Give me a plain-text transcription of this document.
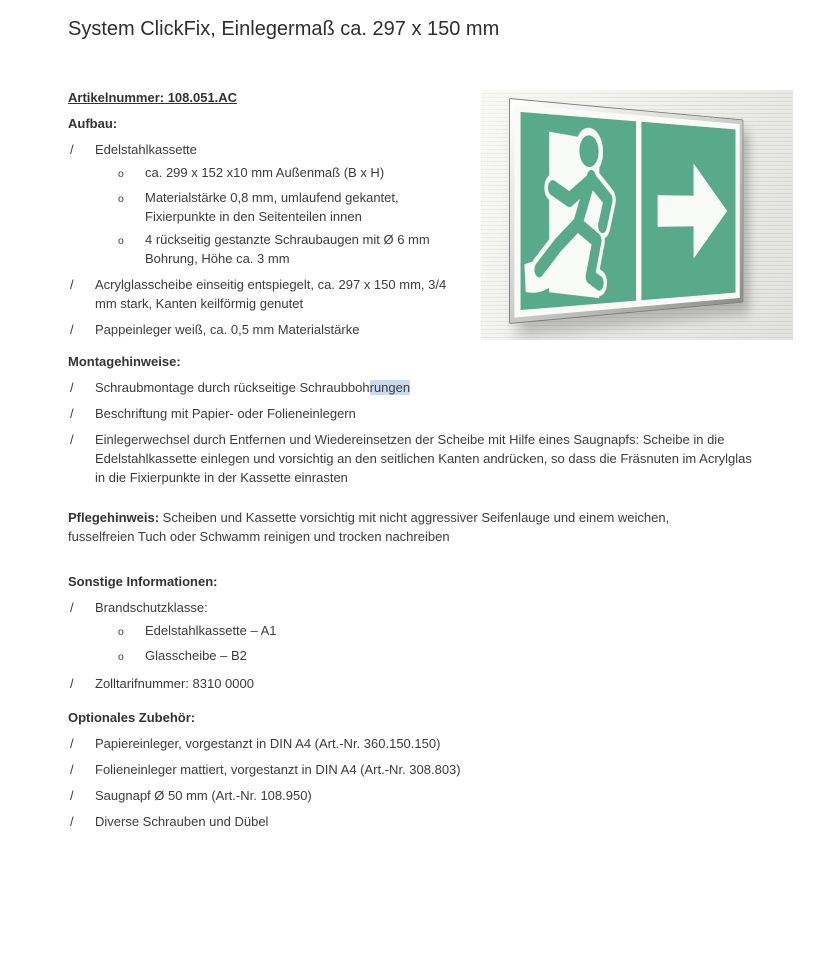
System ClickFix, Einlegermaß ca. 297 x 150 mm
Artikelnummer: 108.051.AC
Aufbau:
/	Edelstahlkassette
o	ca. 299 x 152 x10 mm Außenmaß (B x H)
o	Materialstärke 0,8 mm, umlaufend gekantet, Fixierpunkte in den Seitenteilen innen
o	4 rückseitig gestanzte Schraubaugen mit Ø 6 mm Bohrung, Höhe ca. 3 mm
/	Acrylglasscheibe einseitig entspiegelt, ca. 297 x 150 mm, 3/4 mm stark, Kanten keilförmig genutet
/	Pappeinleger weiß, ca. 0,5 mm Materialstärke
Montagehinweise:
/	Schraubmontage durch rückseitige Schraubbohrungen
/	Beschriftung mit Papier- oder Folieneinlegern
/	Einlegerwechsel durch Entfernen und Wiedereinsetzen der Scheibe mit Hilfe eines Saugnapfs: Scheibe in die Edelstahlkassette einlegen und vorsichtig an den seitlichen Kanten andrücken, so dass die Fräsnuten im Acrylglas in die Fixierpunkte in der Kassette einrasten
Pflegehinweis: Scheiben und Kassette vorsichtig mit nicht aggressiver Seifenlauge und einem weichen, fusselfreien Tuch oder Schwamm reinigen und trocken nachreiben
Sonstige Informationen:
/	Brandschutzklasse:
o	Edelstahlkassette – A1
o	Glasscheibe – B2
/	Zolltarifnummer: 8310 0000
Optionales Zubehör:
/	Papiereinleger, vorgestanzt in DIN A4 (Art.-Nr. 360.150.150)
/	Folieneinleger mattiert, vorgestanzt in DIN A4 (Art.-Nr. 308.803)
/	Saugnapf Ø 50 mm (Art.-Nr. 108.950)
/	Diverse Schrauben und Dübel
